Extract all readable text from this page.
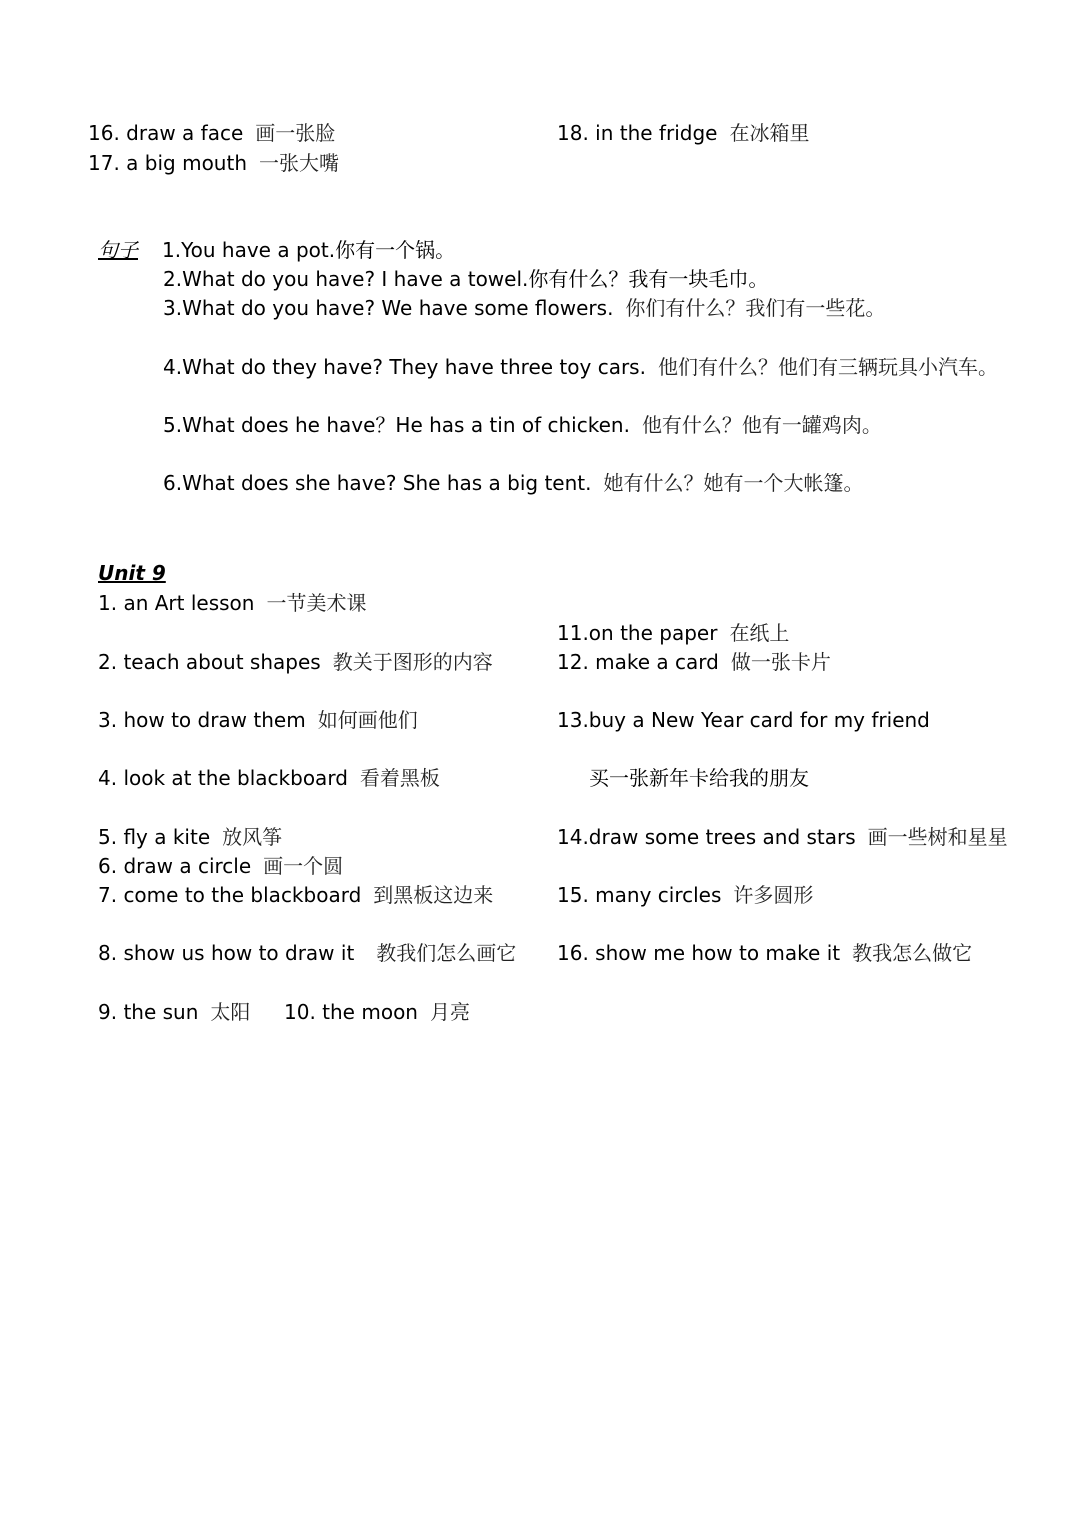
16. draw a face 画一张脸
17. a big mouth 一张大嘴
18. in the fridge 在冰箱里
句子 1.You have a pot.你有一个锅。
2.What do you have? I have a towel.你有什么？我有一块毛巾。
3.What do you have? We have some flowers. 你们有什么？我们有一些花。
4.What do they have? They have three toy cars. 他们有什么？他们有三辆玩具小汽车。
5.What does he have？He has a tin of chicken. 他有什么？他有一罐鸡肉。
6.What does she have? She has a big tent. 她有什么？她有一个大帐篷。
Unit 9
1. an Art lesson 一节美术课
2. teach about shapes 教关于图形的内容
3. how to draw them 如何画他们
4. look at the blackboard 看着黑板
5. fly a kite 放风筝
6. draw a circle 画一个圆
7. come to the blackboard 到黑板这边来
8. show us how to draw it 教我们怎么画它
9. the sun 太阳 10. the moon 月亮
11.on the paper 在纸上
12. make a card 做一张卡片
13.buy a New Year card for my friend
买一张新年卡给我的朋友
14.draw some trees and stars 画一些树和星星
15. many circles 许多圆形
16. show me how to make it 教我怎么做它
